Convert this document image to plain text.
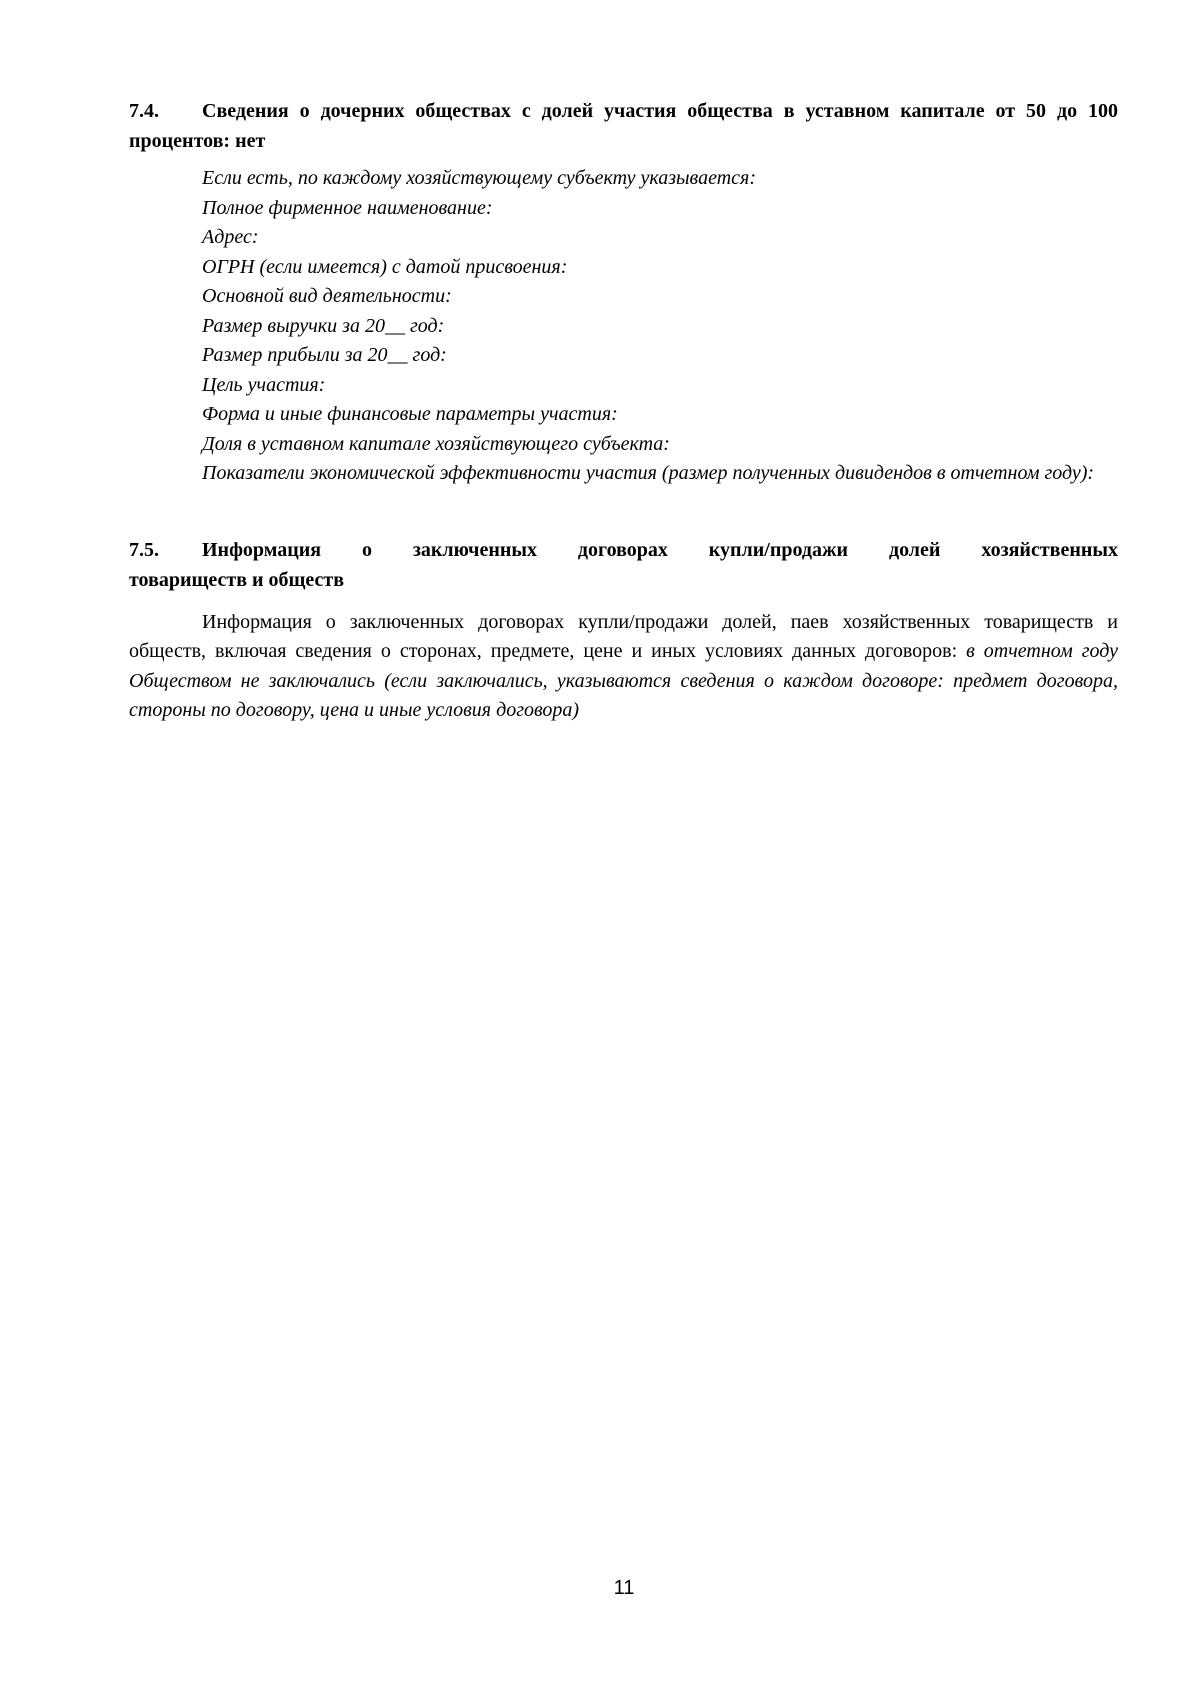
7.4. Сведения о дочерних обществах с долей участия общества в уставном капитале от 50 до 100 процентов: нет

Если есть, по каждому хозяйствующему субъекту указывается:
Полное фирменное наименование:
Адрес:
ОГРН (если имеется) с датой присвоения:
Основной вид деятельности:
Размер выручки за 20__ год:
Размер прибыли за 20__ год:
Цель участия:
Форма и иные финансовые параметры участия:
Доля в уставном капитале хозяйствующего субъекта:
Показатели экономической эффективности участия (размер полученных дивидендов в отчетном году):
7.5. Информация о заключенных договорах купли/продажи долей хозяйственных
товариществ и обществ

Информация о заключенных договорах купли/продажи долей, паев хозяйственных товариществ и обществ, включая сведения о сторонах, предмете, цене и иных условиях данных договоров: в отчетном году Обществом не заключались (если заключались, указываются сведения о каждом договоре: предмет договора, стороны по договору, цена и иные условия договора)

11
